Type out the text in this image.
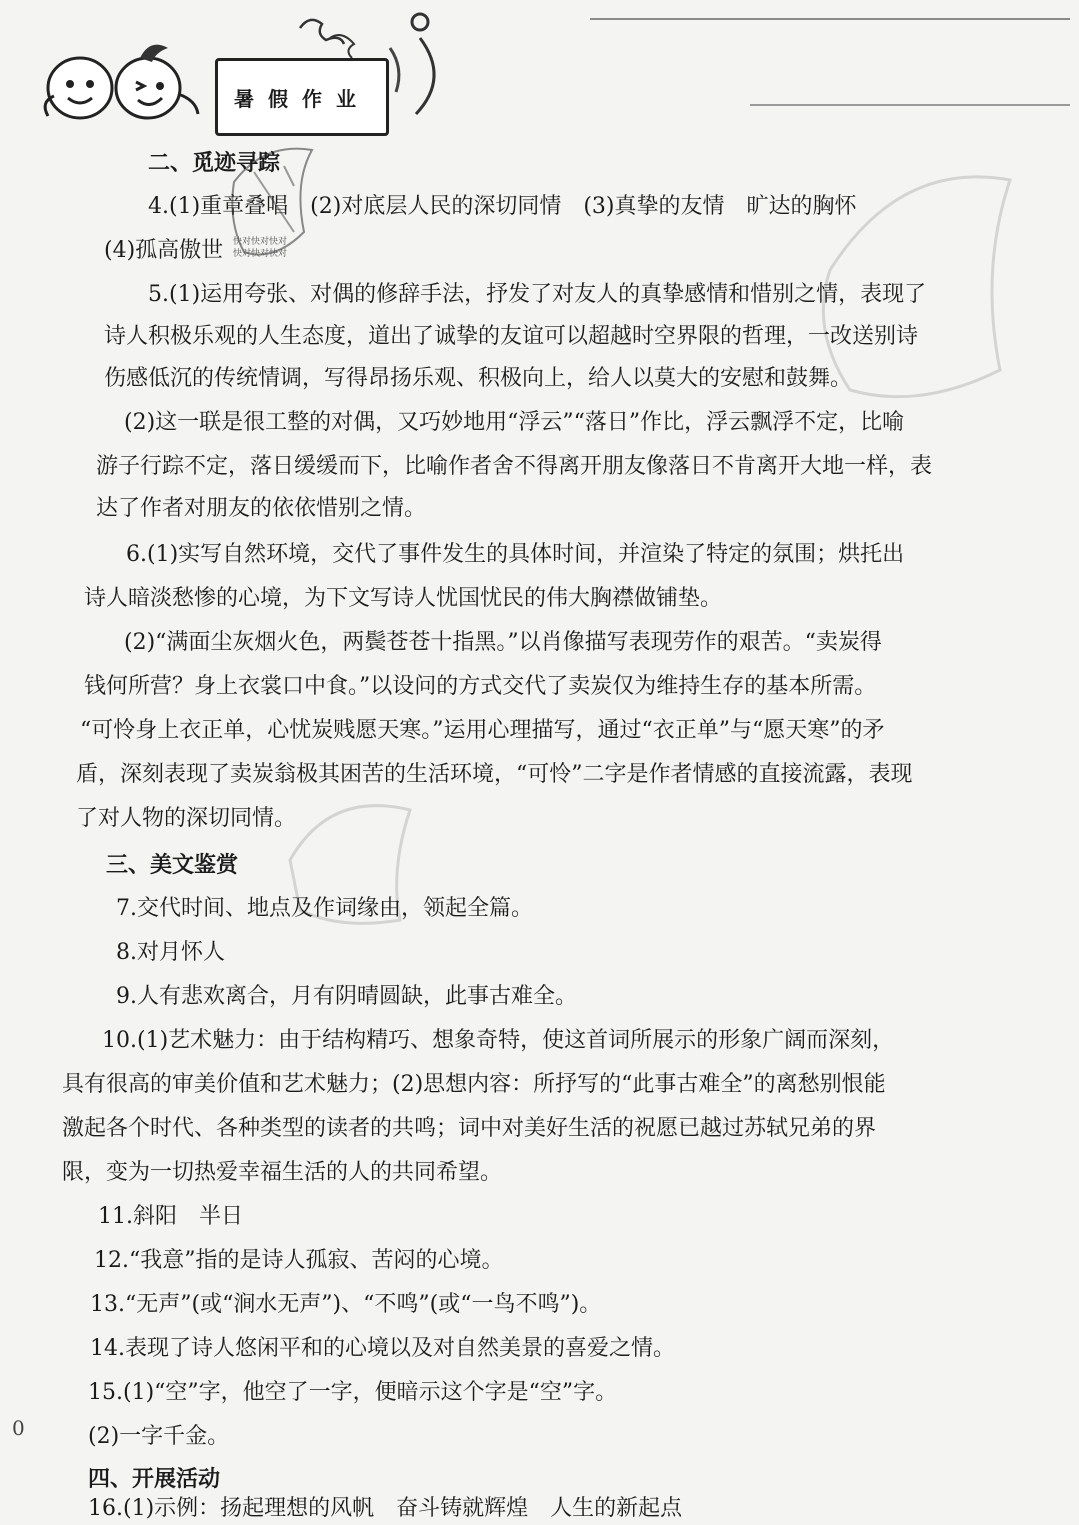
暑假作业
快对快对快对
快对快对快对
二、觅迹寻踪
4.(1)重章叠唱　(2)对底层人民的深切同情　(3)真挚的友情　旷达的胸怀
(4)孤高傲世
5.(1)运用夸张、对偶的修辞手法，抒发了对友人的真挚感情和惜别之情，表现了
诗人积极乐观的人生态度，道出了诚挚的友谊可以超越时空界限的哲理，一改送别诗
伤感低沉的传统情调，写得昂扬乐观、积极向上，给人以莫大的安慰和鼓舞。
(2)这一联是很工整的对偶，又巧妙地用“浮云”“落日”作比，浮云飘浮不定，比喻
游子行踪不定，落日缓缓而下，比喻作者舍不得离开朋友像落日不肯离开大地一样，表
达了作者对朋友的依依惜别之情。
6.(1)实写自然环境，交代了事件发生的具体时间，并渲染了特定的氛围；烘托出
诗人暗淡愁惨的心境，为下文写诗人忧国忧民的伟大胸襟做铺垫。
(2)“满面尘灰烟火色，两鬓苍苍十指黑。”以肖像描写表现劳作的艰苦。“卖炭得
钱何所营？身上衣裳口中食。”以设问的方式交代了卖炭仅为维持生存的基本所需。
“可怜身上衣正单，心忧炭贱愿天寒。”运用心理描写，通过“衣正单”与“愿天寒”的矛
盾，深刻表现了卖炭翁极其困苦的生活环境，“可怜”二字是作者情感的直接流露，表现
了对人物的深切同情。
三、美文鉴赏
7.交代时间、地点及作词缘由，领起全篇。
8.对月怀人
9.人有悲欢离合，月有阴晴圆缺，此事古难全。
10.(1)艺术魅力：由于结构精巧、想象奇特，使这首词所展示的形象广阔而深刻，
具有很高的审美价值和艺术魅力；(2)思想内容：所抒写的“此事古难全”的离愁别恨能
激起各个时代、各种类型的读者的共鸣；词中对美好生活的祝愿已越过苏轼兄弟的界
限，变为一切热爱幸福生活的人的共同希望。
11.斜阳　半日
12.“我意”指的是诗人孤寂、苦闷的心境。
13.“无声”(或“涧水无声”)、“不鸣”(或“一鸟不鸣”)。
14.表现了诗人悠闲平和的心境以及对自然美景的喜爱之情。
15.(1)“空”字，他空了一字，便暗示这个字是“空”字。
(2)一字千金。
四、开展活动
16.(1)示例：扬起理想的风帆　奋斗铸就辉煌　人生的新起点
0
